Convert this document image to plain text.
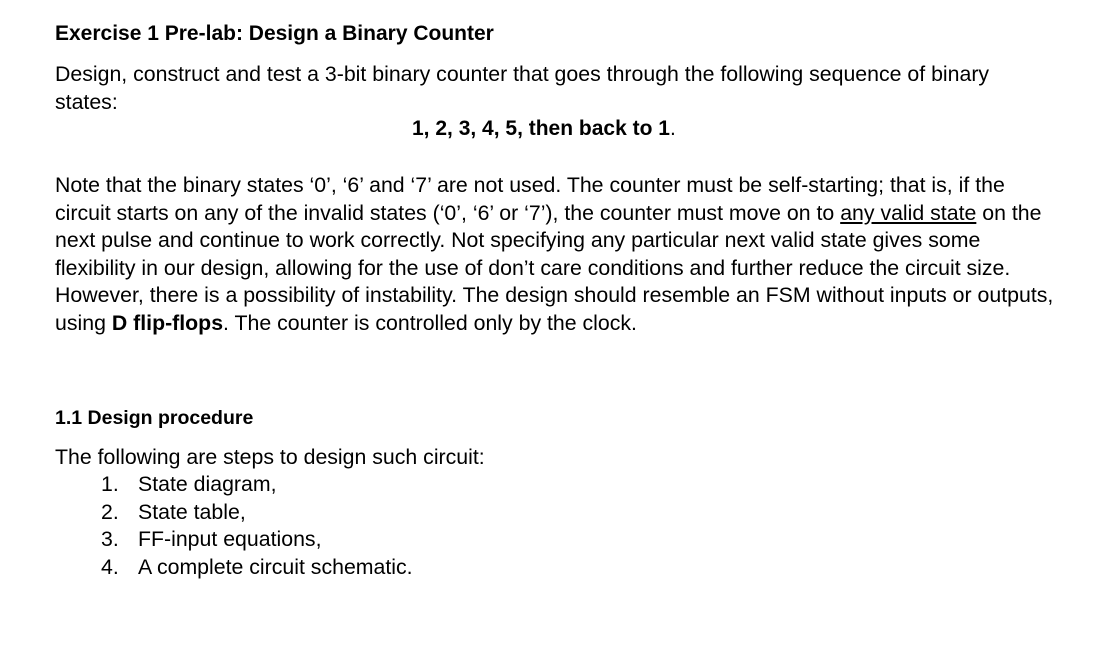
Exercise 1 Pre-lab: Design a Binary Counter
Design, construct and test a 3-bit binary counter that goes through the following sequence of binary states:
1, 2, 3, 4, 5, then back to 1.
Note that the binary states ‘0’, ‘6’ and ‘7’ are not used. The counter must be self-starting; that is, if the circuit starts on any of the invalid states (‘0’, ‘6’ or ‘7’), the counter must move on to any valid state on the next pulse and continue to work correctly. Not specifying any particular next valid state gives some flexibility in our design, allowing for the use of don’t care conditions and further reduce the circuit size. However, there is a possibility of instability. The design should resemble an FSM without inputs or outputs, using D flip-flops. The counter is controlled only by the clock.
1.1 Design procedure
The following are steps to design such circuit:
1. State diagram,
2. State table,
3. FF-input equations,
4. A complete circuit schematic.
